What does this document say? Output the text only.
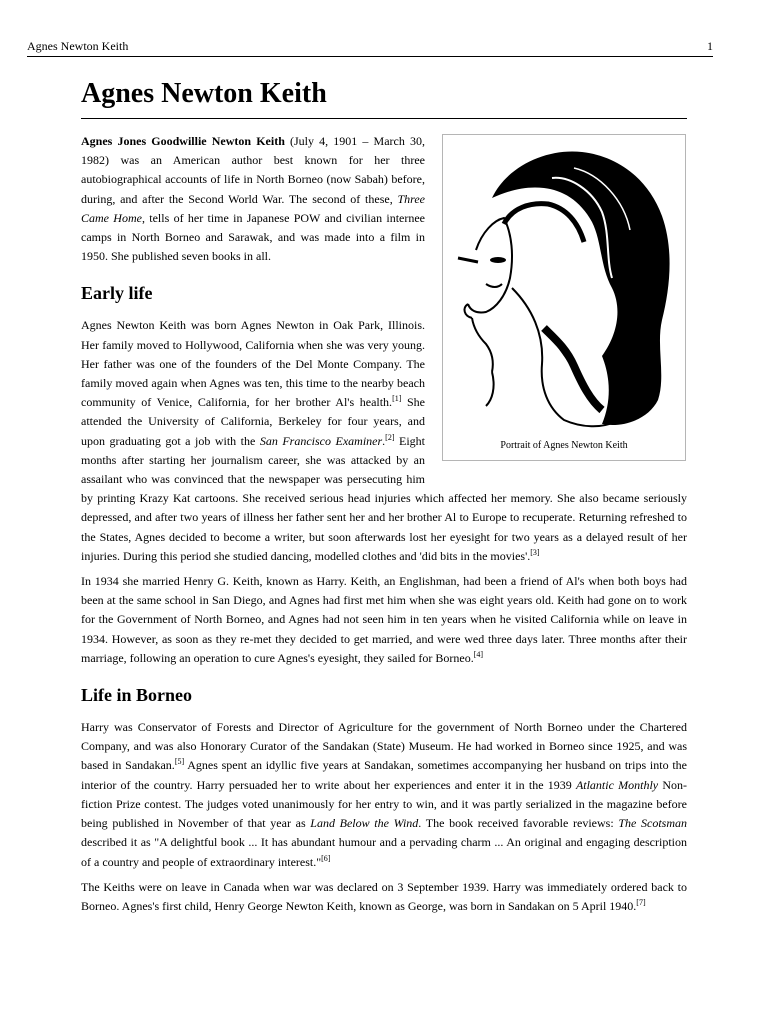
Agnes Newton Keith	1
Agnes Newton Keith
Portrait of Agnes Newton Keith

Agnes Jones Goodwillie Newton Keith (July 4, 1901 – March 30, 1982) was an American author best known for her three autobiographical accounts of life in North Borneo (now Sabah) before, during, and after the Second World War. The second of these, Three Came Home, tells of her time in Japanese POW and civilian internee camps in North Borneo and Sarawak, and was made into a film in 1950. She published seven books in all.

Early life

Agnes Newton Keith was born Agnes Newton in Oak Park, Illinois. Her family moved to Hollywood, California when she was very young. Her father was one of the founders of the Del Monte Company. The family moved again when Agnes was ten, this time to the nearby beach community of Venice, California, for her brother Al's health.[1] She attended the University of California, Berkeley for four years, and upon graduating got a job with the San Francisco Examiner.[2] Eight months after starting her journalism career, she was attacked by an assailant who was convinced that the newspaper was persecuting him by printing Krazy Kat cartoons. She received serious head injuries which affected her memory. She also became seriously depressed, and after two years of illness her father sent her and her brother Al to Europe to recuperate. Returning refreshed to the States, Agnes decided to become a writer, but soon afterwards lost her eyesight for two years as a delayed result of her injuries. During this period she studied dancing, modelled clothes and 'did bits in the movies'.[3]

In 1934 she married Henry G. Keith, known as Harry. Keith, an Englishman, had been a friend of Al's when both boys had been at the same school in San Diego, and Agnes had first met him when she was eight years old. Keith had gone on to work for the Government of North Borneo, and Agnes had not seen him in ten years when he visited California while on leave in 1934. However, as soon as they re-met they decided to get married, and were wed three days later. Three months after their marriage, following an operation to cure Agnes's eyesight, they sailed for Borneo.[4]

Life in Borneo

Harry was Conservator of Forests and Director of Agriculture for the government of North Borneo under the Chartered Company, and was also Honorary Curator of the Sandakan (State) Museum. He had worked in Borneo since 1925, and was based in Sandakan.[5] Agnes spent an idyllic five years at Sandakan, sometimes accompanying her husband on trips into the interior of the country. Harry persuaded her to write about her experiences and enter it in the 1939 Atlantic Monthly Non-fiction Prize contest. The judges voted unanimously for her entry to win, and it was partly serialized in the magazine before being published in November of that year as Land Below the Wind. The book received favorable reviews: The Scotsman described it as "A delightful book ... It has abundant humour and a pervading charm ... An original and engaging description of a country and people of extraordinary interest."[6]

The Keiths were on leave in Canada when war was declared on 3 September 1939. Harry was immediately ordered back to Borneo. Agnes's first child, Henry George Newton Keith, known as George, was born in Sandakan on 5 April 1940.[7]
